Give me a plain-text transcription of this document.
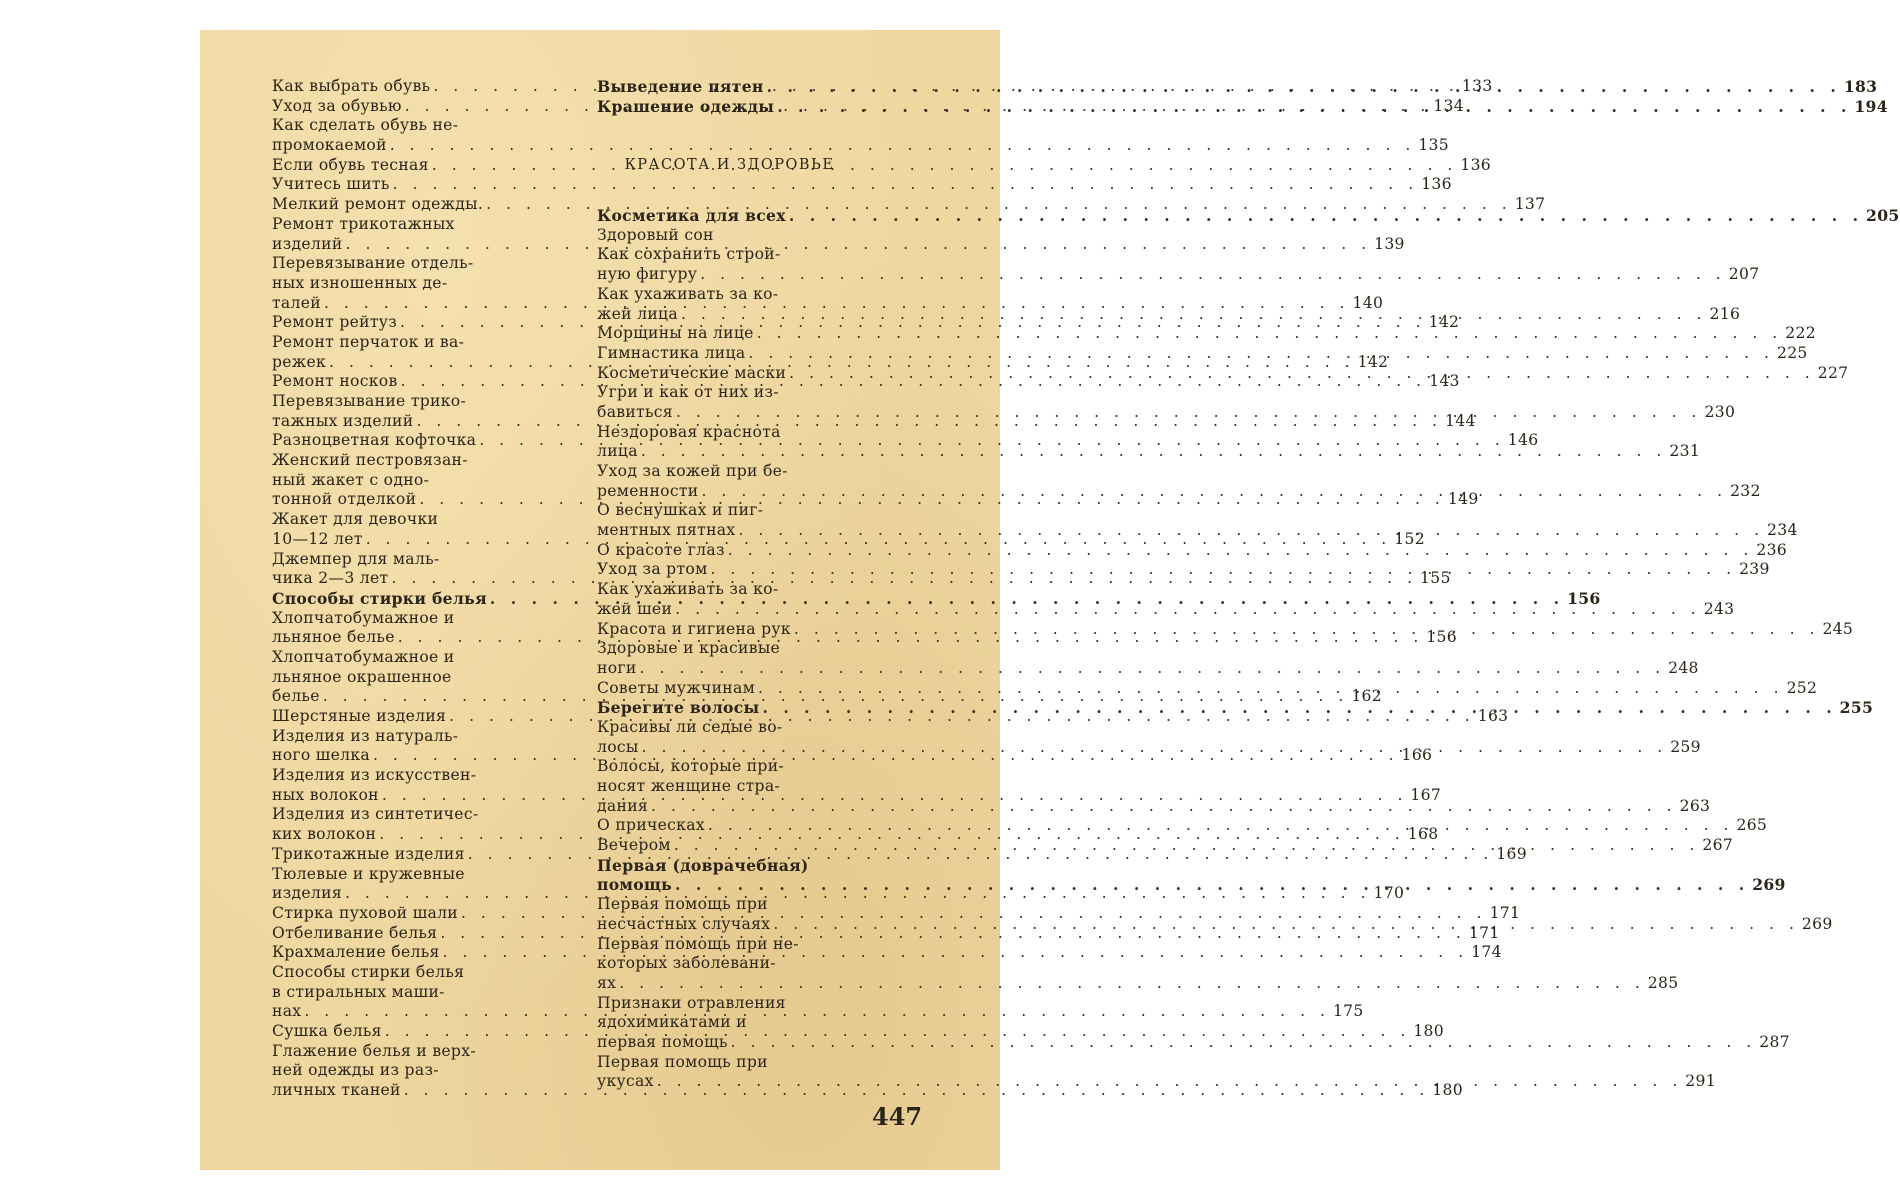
Как выбрать обувь . . .	133
Уход за обувью . . .	134
Как сделать обувь не-
промокаемой . . .	135
Если обувь тесная . . .	136
Учитесь шить . . .	136
Мелкий ремонт одежды. . . .	137
Ремонт трикотажных
изделий . . .	139
Перевязывание отдель-
ных изношенных де-
талей . . .	140
Ремонт рейтуз . . .	142
Ремонт перчаток и ва-
режек . . .	142
Ремонт носков . . .	143
Перевязывание трико-
тажных изделий . . .	144
Разноцветная кофточка . . .	146
Женский пестровязан-
ный жакет с одно-
тонной отделкой . . .	149
Жакет для девочки
10—12 лет . . .	152
Джемпер для маль-
чика 2—3 лет . . .	155
Способы стирки белья . . .	156
Хлопчатобумажное и
льняное белье . . .	156
Хлопчатобумажное и
льняное окрашенное
белье . . .	162
Шерстяные изделия . . .	163
Изделия из натураль-
ного шелка . . .	166
Изделия из искусствен-
ных волокон . . .	167
Изделия из синтетичес-
ких волокон . . .	168
Трикотажные изделия . . .	169
Тюлевые и кружевные
изделия . . .	170
Стирка пуховой шали . . .	171
Отбеливание белья . . .	171
Крахмаление белья . . .	174
Способы стирки белья
в стиральных маши-
нах . . .	175
Сушка белья . . .	180
Глажение белья и верх-
ней одежды из раз-
личных тканей . . .	180
Выведение пятен . . .	183
Крашение одежды . . .	194
КРАСОТА И ЗДОРОВЬЕ
Косметика для всех . . .	205
Здоровый сон
Как сохранить строй-
ную фигуру . . .	207
Как ухаживать за ко-
жей лица . . .	216
Морщины на лице . . .	222
Гимнастика лица . . .	225
Косметические маски . . .	227
Угри и как от них из-
бавиться . . .	230
Нездоровая краснота
лица . . .	231
Уход за кожей при бе-
ременности . . .	232
О веснушках и пиг-
ментных пятнах . . .	234
О красоте глаз . . .	236
Уход за ртом . . .	239
Как ухаживать за ко-
жей шеи . . .	243
Красота и гигиена рук . . .	245
Здоровые и красивые
ноги . . .	248
Советы мужчинам . . .	252
Берегите волосы . . .	255
Красивы ли седые во-
лосы . . .	259
Волосы, которые при-
носят женщине стра-
дания . . .	263
О прическах . . .	265
Вечером . . .	267
Первая (доврачебная)
помощь . . .	269
Первая помощь при
несчастных случаях . . .	269
Первая помощь при не-
которых заболевани-
ях . . .	285
Признаки отравления
ядохимикатами и
первая помощь . . .	287
Первая помощь при
укусах . . .	291
447
